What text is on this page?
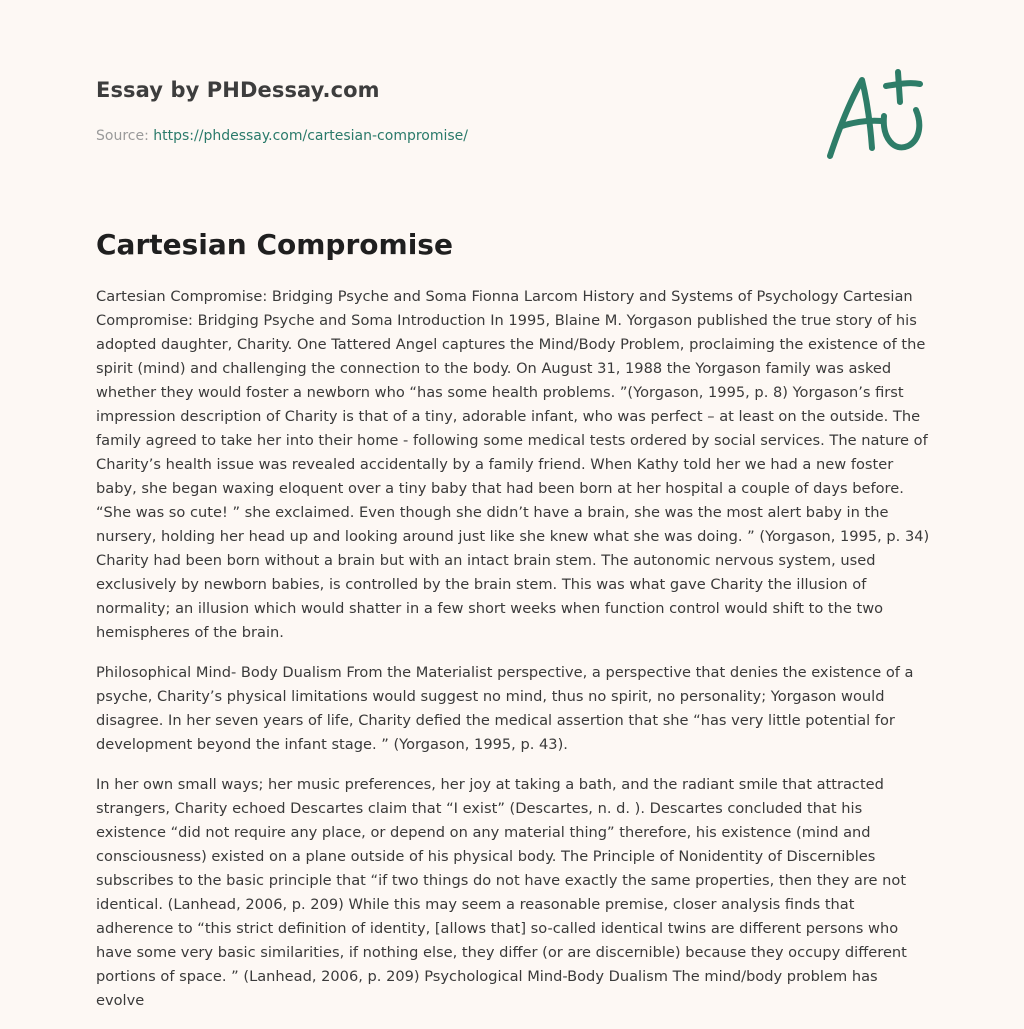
Essay by PHDessay.com
Source: https://phdessay.com/cartesian-compromise/
Cartesian Compromise

Cartesian Compromise: Bridging Psyche and Soma Fionna Larcom History and Systems of Psychology Cartesian Compromise: Bridging Psyche and Soma Introduction In 1995, Blaine M. Yorgason published the true story of his adopted daughter, Charity. One Tattered Angel captures the Mind/Body Problem, proclaiming the existence of the spirit (mind) and challenging the connection to the body. On August 31, 1988 the Yorgason family was asked whether they would foster a newborn who “has some health problems. ”(Yorgason, 1995, p. 8) Yorgason’s first impression description of Charity is that of a tiny, adorable infant, who was perfect – at least on the outside. The family agreed to take her into their home - following some medical tests ordered by social services. The nature of Charity’s health issue was revealed accidentally by a family friend. When Kathy told her we had a new foster baby, she began waxing eloquent over a tiny baby that had been born at her hospital a couple of days before. “She was so cute! ” she exclaimed. Even though she didn’t have a brain, she was the most alert baby in the nursery, holding her head up and looking around just like she knew what she was doing. ” (Yorgason, 1995, p. 34) Charity had been born without a brain but with an intact brain stem. The autonomic nervous system, used exclusively by newborn babies, is controlled by the brain stem. This was what gave Charity the illusion of normality; an illusion which would shatter in a few short weeks when function control would shift to the two hemispheres of the brain.

Philosophical Mind- Body Dualism From the Materialist perspective, a perspective that denies the existence of a psyche, Charity’s physical limitations would suggest no mind, thus no spirit, no personality; Yorgason would disagree. In her seven years of life, Charity defied the medical assertion that she “has very little potential for development beyond the infant stage. ” (Yorgason, 1995, p. 43).

In her own small ways; her music preferences, her joy at taking a bath, and the radiant smile that attracted strangers, Charity echoed Descartes claim that “I exist” (Descartes, n. d. ). Descartes concluded that his existence “did not require any place, or depend on any material thing” therefore, his existence (mind and consciousness) existed on a plane outside of his physical body. The Principle of Nonidentity of Discernibles subscribes to the basic principle that “if two things do not have exactly the same properties, then they are not identical. (Lanhead, 2006, p. 209) While this may seem a reasonable premise, closer analysis finds that adherence to “this strict definition of identity, [allows that] so-called identical twins are different persons who have some very basic similarities, if nothing else, they differ (or are discernible) because they occupy different portions of space. ” (Lanhead, 2006, p. 209) Psychological Mind-Body Dualism The mind/body problem has evolve
